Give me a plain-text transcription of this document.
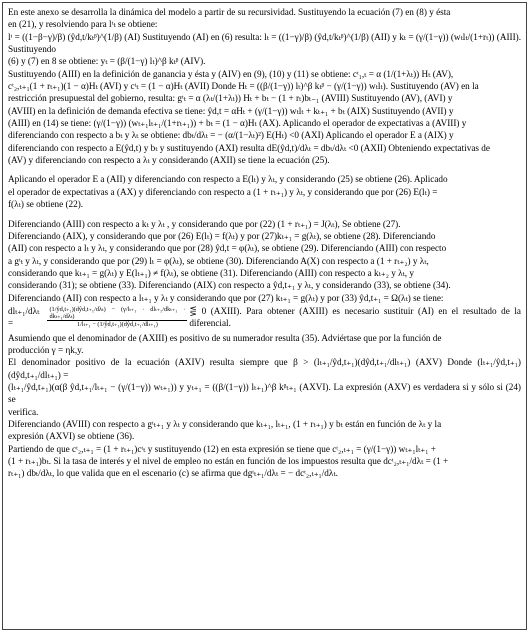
En este anexo se desarrolla la dinámica del modelo a partir de su recursividad. Sustituyendo la ecuación (7) en (8) y ésta
en (21), y resolviendo para lᵗₜ se obtiene:
lᵗ = ((1−β−γ)/β) (ŷd,t/kₜᵝ)^(1/β) (AI) Sustituyendo (AI) en (6) resulta: lₜ = ((1−γ)/β) (ŷd,t/kₜᵝ)^(1/β) (AII) y kₜ = (γ/(1−γ)) (wₜlₜ/(1+rₜ)) (AIII). Sustituyendo
(6) y (7) en 8 se obtiene: yₜ = (β/(1−γ) lₜ)^β kₜᵝ (AIV).
Sustituyendo (AIII) en la definición de ganancia y ésta y (AIV) en (9), (10) y (11) se obtiene: cᵗ₁,ₜ = α (1/(1+λₜ)) Hₜ (AV),
cᵗ₂,ₜ₊₁(1 + rₜ₊₁)(1 − α)Hₜ (AVI) y cᵗₜ = (1 − α)Hₜ (AVII) Donde Hₜ = ((β/(1−γ)) lₜ)^β kₜᵝ − (γ/(1−γ)) wₜlₜ). Sustituyendo (AV) en la
restricción presupuestal del gobierno, resulta: gᵗₜ = α (λₜ/(1+λₜ)) Hₜ + bₜ − (1 + rₜ)bₜ₋₁ (AVIII) Sustituyendo (AV), (AVI) y
(AVIII) en la definición de demanda efectiva se tiene: ŷd,t = αHₜ + (γ/(1−γ)) wₜlₜ + kₜ₊₁ + bₜ (AIX) Sustituyendo (AVII) y
(AIII) en (14) se tiene: (γ/(1−γ)) (wₜ₊₁lₜ₊₁/(1+rₜ₊₁)) + bₜ = (1 − α)Hₜ (AX). Aplicando el operador de expectativas a (AVIII) y
diferenciando con respecto a bₜ y λₜ se obtiene: dbₜ/dλₜ = − (α/(1−λₜ)²) E(Hₜ) <0 (AXI) Aplicando el operador E a (AIX) y
diferenciando con respecto a E(ŷd,t) y bₜ y sustituyendo (AXI) resulta dE(ŷd,t)/dλₜ = dbₜ/dλₜ <0 (AXII) Obteniendo expectativas de
(AV) y diferenciando con respecto a λₜ y considerando (AXII) se tiene la ecuación (25).
Aplicando el operador E a (AII) y diferenciando con respecto a E(lₜ) y λₜ, y considerando (25) se obtiene (26). Aplicado
el operador de expectativas a (AX) y diferenciando con respecto a (1 + rₜ₊₁) y λₜ, y considerando que por (26) E(lₜ) =
f(λₜ) se obtiene (22).
Diferenciando (AIII) con respecto a kₜ y λₜ , y considerando que por (22) (1 + rₜ₊₁) = J(λₜ), Se obtiene (27).
Diferenciando (AIX), y considerando que por (26) E(lₜ) = f(λₜ) y por (27)kₜ₊₁ = g(λₜ), se obtiene (28). Diferenciando
(AII) con respecto a lₜ y λₜ, y considerando que por (28) ŷd,t = φ(λₜ), se obtiene (29). Diferenciando (AIII) con respecto
a gᵗₜ y λₜ, y considerando que por (29) lₜ = φ(λₜ), se obtiene (30). Diferenciando A(X) con respecto a (1 + rₜ₊₂) y λₜ,
considerando que kₜ₊₁ = g(λₜ) y E(lₜ₊₁) ≠ f(λₜ), se obtiene (31). Diferenciando (AIII) con respecto a kₜ₊₂ y λₜ, y
considerando (31); se obtiene (33). Diferenciando (AIX) con respecto a ŷd,t₊₁ y λₜ, y considerando (33), se obtiene (34).
Diferenciando (AII) con respecto a lₜ₊₁ y λₜ y considerando que por (27) kₜ₊₁ = g(λₜ) y por (33) ŷd,t₊₁ = Ω(λₜ) se tiene:
dlₜ₊₁/dλₜ =	$\frac{\text{(1/ŷd,t₊₁)(dŷd,t₊₁/dλₜ) − (γ/lₜ₊₁ · dlₜ₊₁/dkₜ₊₁ · dkₜ₊₁/dλₜ)}}{\text{1/lₜ₊₁ − (1/ŷd,t₊₁)(dŷd,t₊₁/dlₜ₊₁)}}$ ⋚ 0 (AXIII). Para obtener (AXIII) es necesario sustituir (AI) en el resultado de la diferencial.
Asumiendo que el denominador de (AXIII) es positivo de su numerador resulta (35). Adviértase que por la función de
producción γ = ηk,y.
El denominador positivo de la ecuación (AXIV) resulta siempre que β > (lₜ₊₁/ŷd,t₊₁)(dŷd,t₊₁/dlₜ₊₁) (AXV) Donde (lₜ₊₁/ŷd,t₊₁)(dŷd,t₊₁/dlₜ₊₁) =
(lₜ₊₁/ŷd,t₊₁)(α(β ŷd,t₊₁/lₜ₊₁ − (γ/(1−γ)) wₜ₊₁)) y yₜ₊₁ = ((β/(1−γ)) lₜ₊₁)^β kᵝₜ₊₁ (AXVI). La expresión (AXV) es verdadera si y sólo si (24) se
verifica.
Diferenciando (AVIII) con respecto a gᵗₜ₊₁ y λₜ y considerando que kₜ₊₁, lₜ₊₁, (1 + rₜ₊₁) y bₜ están en función de λₜ y la
expresión (AXVI) se obtiene (36).
Partiendo de que cᵗ₂,ₜ₊₁ = (1 + rₜ₊₁)cᵗₜ y sustituyendo (12) en esta expresión se tiene que cᵗ₂,ₜ₊₁ = (γ/(1−γ)) wₜ₊₁lₜ₊₁ +
(1 + rₜ₊₁)bₜ. Si la tasa de interés y el nivel de empleo no están en función de los impuestos resulta que dcᵗ₂,ₜ₊₁/dλₜ = (1 +
rₜ₊₁) dbₜ/dλₜ, lo que valida que en el escenario (c) se afirma que dgᵗₜ₊₁/dλₜ = − dcᵗ₂,ₜ₊₁/dλₜ.
